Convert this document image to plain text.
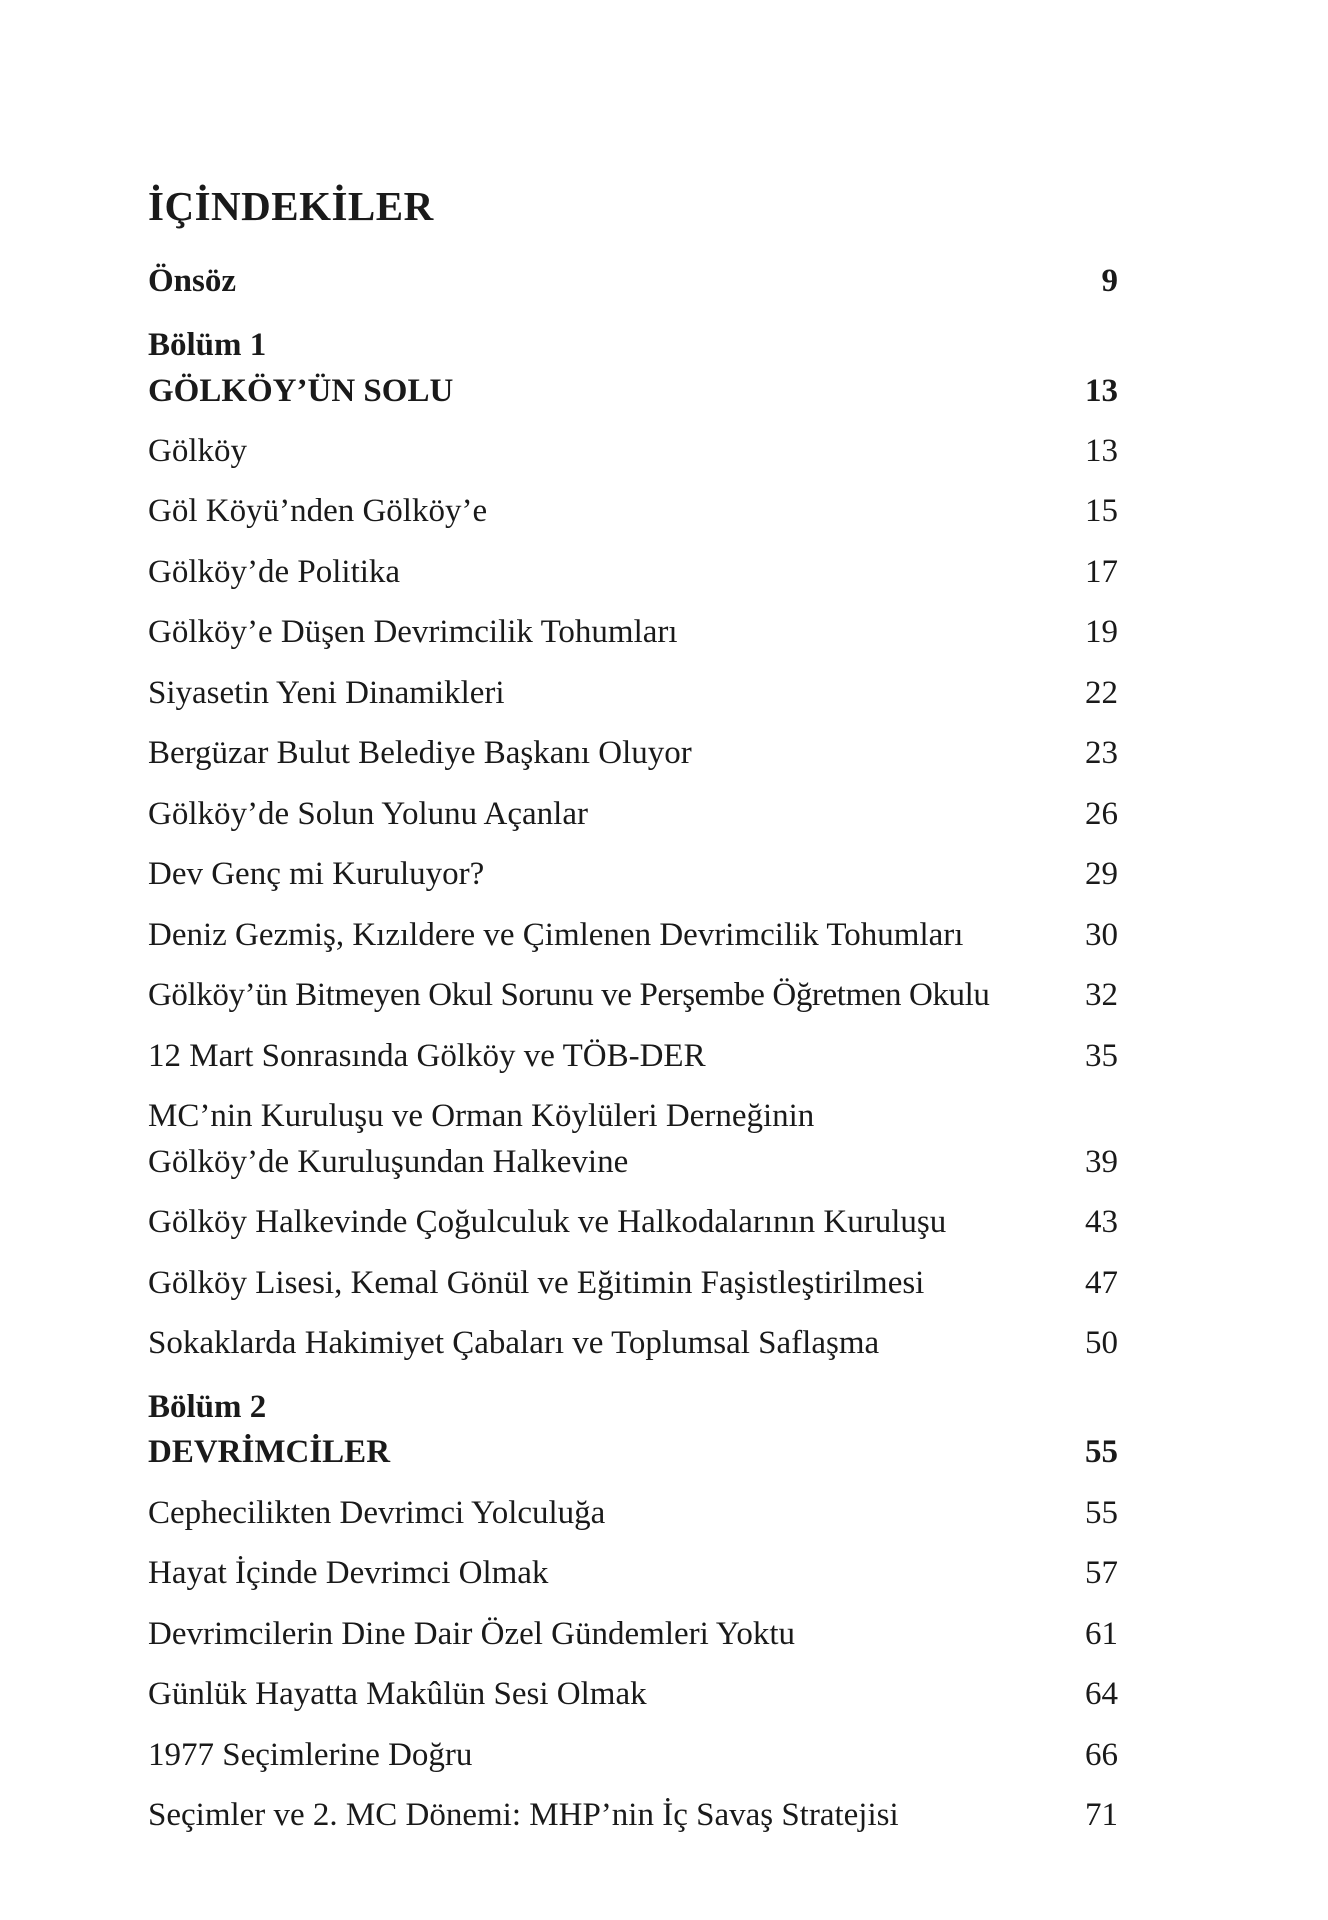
İÇİNDEKİLER
Önsöz	9
Bölüm 1
GÖLKÖY’ÜN SOLU	13
Gölköy	13
Göl Köyü’nden Gölköy’e	15
Gölköy’de Politika	17
Gölköy’e Düşen Devrimcilik Tohumları	19
Siyasetin Yeni Dinamikleri	22
Bergüzar Bulut Belediye Başkanı Oluyor	23
Gölköy’de Solun Yolunu Açanlar	26
Dev Genç mi Kuruluyor?	29
Deniz Gezmiş, Kızıldere ve Çimlenen Devrimcilik Tohumları	30
Gölköy’ün Bitmeyen Okul Sorunu ve Perşembe Öğretmen Okulu	32
12 Mart Sonrasında Gölköy ve TÖB-DER	35
MC’nin Kuruluşu ve Orman Köylüleri Derneğinin
Gölköy’de Kuruluşundan Halkevine	39
Gölköy Halkevinde Çoğulculuk ve Halkodalarının Kuruluşu	43
Gölköy Lisesi, Kemal Gönül ve Eğitimin Faşistleştirilmesi	47
Sokaklarda Hakimiyet Çabaları ve Toplumsal Saflaşma	50
Bölüm 2
DEVRİMCİLER	55
Cephecilikten Devrimci Yolculuğa	55
Hayat İçinde Devrimci Olmak	57
Devrimcilerin Dine Dair Özel Gündemleri Yoktu	61
Günlük Hayatta Makûlün Sesi Olmak	64
1977 Seçimlerine Doğru	66
Seçimler ve 2. MC Dönemi: MHP’nin İç Savaş Stratejisi	71
